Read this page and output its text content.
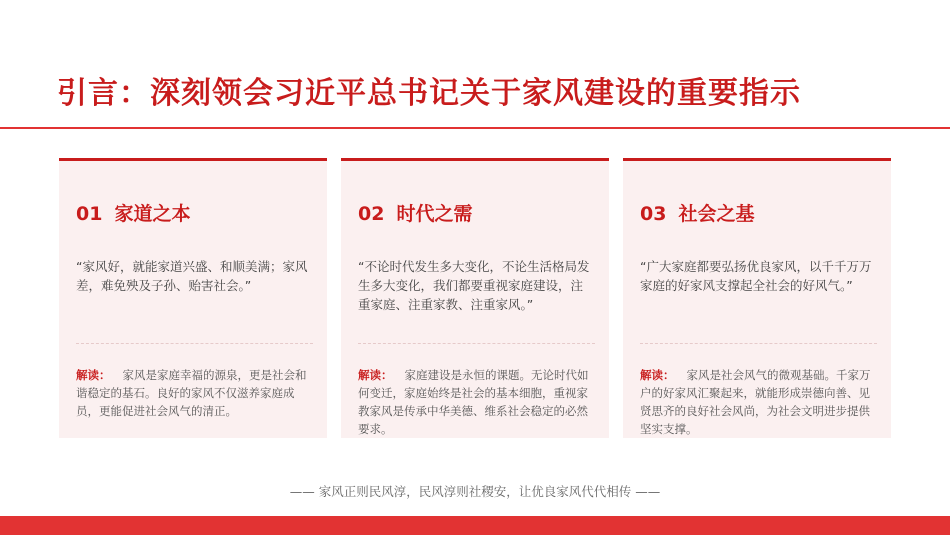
引言：深刻领会习近平总书记关于家风建设的重要指示
01 家道之本
“家风好，就能家道兴盛、和顺美满；家风差，难免殃及子孙、贻害社会。”
解读： 家风是家庭幸福的源泉，更是社会和谐稳定的基石。良好的家风不仅滋养家庭成员，更能促进社会风气的清正。
02 时代之需
“不论时代发生多大变化，不论生活格局发生多大变化，我们都要重视家庭建设，注重家庭、注重家教、注重家风。”
解读： 家庭建设是永恒的课题。无论时代如何变迁，家庭始终是社会的基本细胞，重视家教家风是传承中华美德、维系社会稳定的必然要求。
03 社会之基
“广大家庭都要弘扬优良家风，以千千万万家庭的好家风支撑起全社会的好风气。”
解读： 家风是社会风气的微观基础。千家万户的好家风汇聚起来，就能形成崇德向善、见贤思齐的良好社会风尚，为社会文明进步提供坚实支撑。
—— 家风正则民风淳，民风淳则社稷安，让优良家风代代相传 ——
